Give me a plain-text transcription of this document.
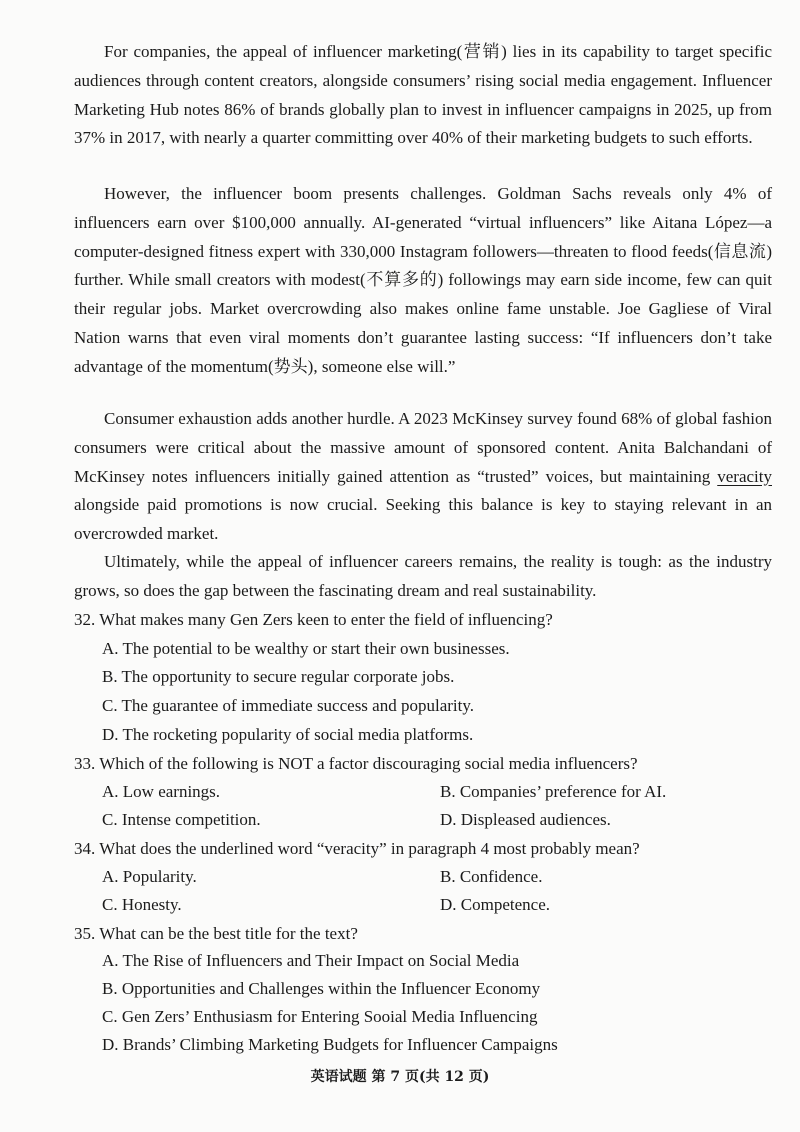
For companies, the appeal of influencer marketing(营销) lies in its capability to target specific audiences through content creators, alongside consumers’ rising social media engagement. Influencer Marketing Hub notes 86% of brands globally plan to invest in influencer campaigns in 2025, up from 37% in 2017, with nearly a quarter committing over 40% of their marketing budgets to such efforts.

However, the influencer boom presents challenges. Goldman Sachs reveals only 4% of influencers earn over $100,000 annually. AI-generated “virtual influencers” like Aitana López—a computer-designed fitness expert with 330,000 Instagram followers—threaten to flood feeds(信息流) further. While small creators with modest(不算多的) followings may earn side income, few can quit their regular jobs. Market overcrowding also makes online fame unstable. Joe Gagliese of Viral Nation warns that even viral moments don’t guarantee lasting success: “If influencers don’t take advantage of the momentum(势头), someone else will.”

Consumer exhaustion adds another hurdle. A 2023 McKinsey survey found 68% of global fashion consumers were critical about the massive amount of sponsored content. Anita Balchandani of McKinsey notes influencers initially gained attention as “trusted” voices, but maintaining veracity alongside paid promotions is now crucial. Seeking this balance is key to staying relevant in an overcrowded market.

Ultimately, while the appeal of influencer careers remains, the reality is tough: as the industry grows, so does the gap between the fascinating dream and real sustainability.

32. What makes many Gen Zers keen to enter the field of influencing?

A. The potential to be wealthy or start their own businesses.

B. The opportunity to secure regular corporate jobs.

C. The guarantee of immediate success and popularity.

D. The rocketing popularity of social media platforms.

33. Which of the following is NOT a factor discouraging social media influencers?

A. Low earnings.	B. Companies’ preference for AI.

C. Intense competition.	D. Displeased audiences.

34. What does the underlined word “veracity” in paragraph 4 most probably mean?

A. Popularity.	B. Confidence.

C. Honesty.	D. Competence.

35. What can be the best title for the text?

A. The Rise of Influencers and Their Impact on Social Media

B. Opportunities and Challenges within the Influencer Economy

C. Gen Zers’ Enthusiasm for Entering Sooial Media Influencing

D. Brands’ Climbing Marketing Budgets for Influencer Campaigns

英语试题 第 7 页(共 12 页)
